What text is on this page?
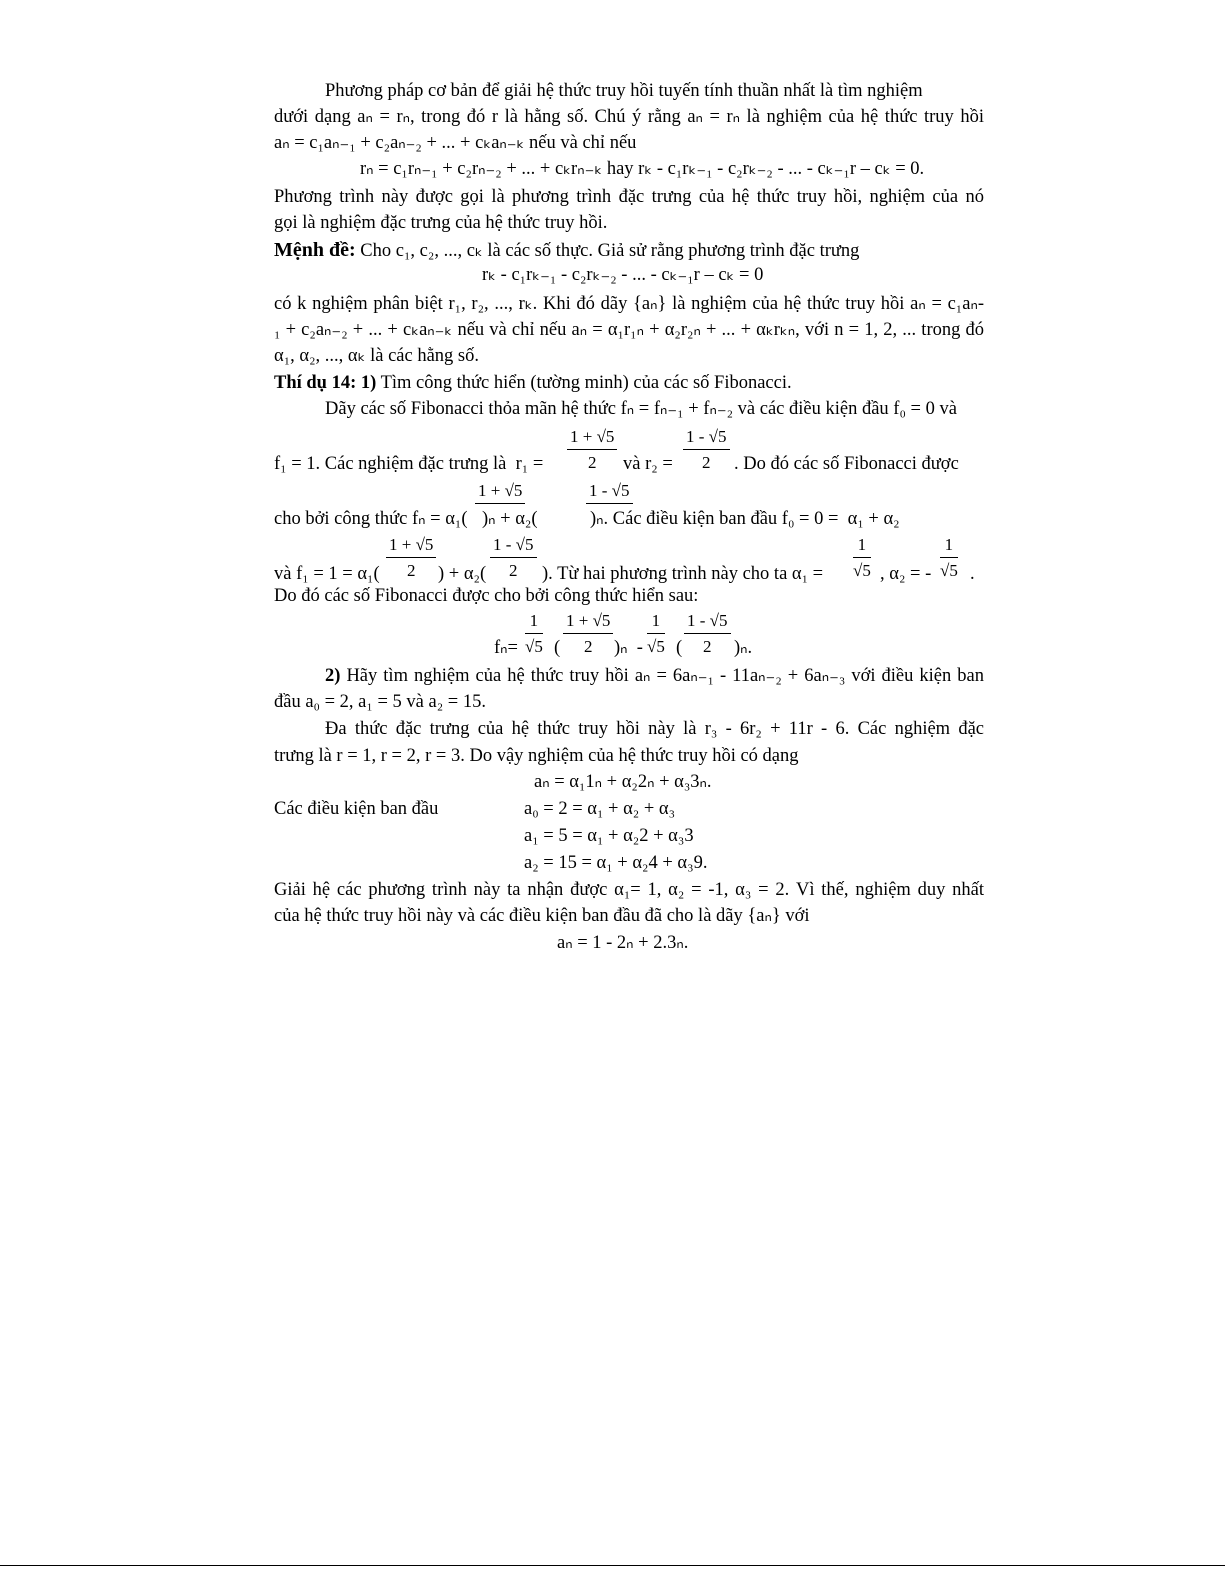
Phương pháp cơ bản để giải hệ thức truy hồi tuyến tính thuần nhất là tìm nghiệm
dưới dạng aₙ = rₙ, trong đó r là hằng số. Chú ý rằng aₙ = rₙ là nghiệm của hệ thức truy hồi
aₙ = c₁aₙ₋₁ + c₂aₙ₋₂ + ... + cₖaₙ₋ₖ nếu và chỉ nếu
rₙ = c₁rₙ₋₁ + c₂rₙ₋₂ + ... + cₖrₙ₋ₖ hay rₖ - c₁rₖ₋₁ - c₂rₖ₋₂ - ... - cₖ₋₁r – cₖ = 0.
Phương trình này được gọi là phương trình đặc trưng của hệ thức truy hồi, nghiệm của nó
gọi là nghiệm đặc trưng của hệ thức truy hồi.
Mệnh đề: Cho c₁, c₂, ..., cₖ là các số thực. Giả sử rằng phương trình đặc trưng
rₖ - c₁rₖ₋₁ - c₂rₖ₋₂ - ... - cₖ₋₁r – cₖ = 0
có k nghiệm phân biệt r₁, r₂, ..., rₖ. Khi đó dãy {aₙ} là nghiệm của hệ thức truy hồi aₙ = c₁aₙ-
₁ + c₂aₙ₋₂ + ... + cₖaₙ₋ₖ nếu và chỉ nếu aₙ = α₁r₁ₙ + α₂r₂ₙ + ... + αₖrₖₙ, với n = 1, 2, ... trong đó
α₁, α₂, ..., αₖ là các hằng số.
Thí dụ 14: 1) Tìm công thức hiển (tường minh) của các số Fibonacci.
Dãy các số Fibonacci thỏa mãn hệ thức fₙ = fₙ₋₁ + fₙ₋₂ và các điều kiện đầu f₀ = 0 và
f₁ = 1. Các nghiệm đặc trưng là  $r_1 = \frac{1 + √5}{2}$ và $r_2 = \frac{1 - √5}{2}$ . Do đó các số Fibonacci được
cho bởi công thức fₙ = α₁(
1 + √5
)ₙ + α₂(
1 - √5
)ₙ. Các điều kiện ban đầu f₀ = 0 =  α₁ + α₂
và $f_1 = 1 = \alpha_1( \frac{1 + √5}{2}$ ) + $\alpha_2( \frac{1 - √5}{2}$ ). Từ hai phương trình này cho ta $\alpha_1 = \frac{1}{√5}$ , α₂ = - $\frac{1}{√5}$ .
Do đó các số Fibonacci được cho bởi công thức hiển sau:
$f_n= \frac{1}{√5}$ ( $\frac{1 + √5}{2} )_n - \frac{1}{√5}$ ( $\frac{1 - √5}{2} )_n$.
2) Hãy tìm nghiệm của hệ thức truy hồi aₙ = 6aₙ₋₁ - 11aₙ₋₂ + 6aₙ₋₃ với điều kiện ban
đầu a₀ = 2, a₁ = 5 và a₂ = 15.
Đa thức đặc trưng của hệ thức truy hồi này là r₃ - 6r₂ + 11r - 6. Các nghiệm đặc
trưng là r = 1, r = 2, r = 3. Do vậy nghiệm của hệ thức truy hồi có dạng
aₙ = α₁1ₙ + α₂2ₙ + α₃3ₙ.
Các điều kiện ban đầu	a₀ = 2 = α₁ + α₂ + α₃
a₁ = 5 = α₁ + α₂2 + α₃3
a₂ = 15 = α₁ + α₂4 + α₃9.
Giải hệ các phương trình này ta nhận được α₁= 1, α₂ = -1, α₃ = 2. Vì thế, nghiệm duy nhất
của hệ thức truy hồi này và các điều kiện ban đầu đã cho là dãy {aₙ} với
aₙ = 1 - 2ₙ + 2.3ₙ.
